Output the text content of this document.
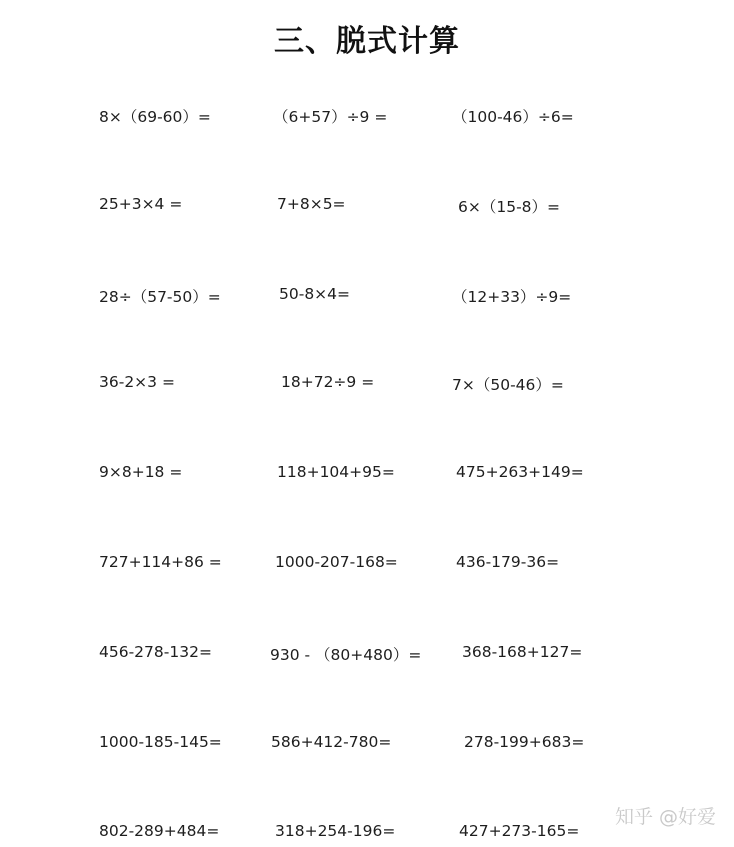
三、脱式计算
8×（69-60）=	（6+57）÷9 =	（100-46）÷6=
25+3×4 =	7+8×5=	6×（15-8）=
28÷（57-50）=	50-8×4=	（12+33）÷9=
36-2×3 =	18+72÷9 =	7×（50-46）=
9×8+18 =	118+104+95=	475+263+149=
727+114+86 =	1000-207-168=	436-179-36=
456-278-132=	930 - （80+480）=	368-168+127=
1000-185-145=	586+412-780=	278-199+683=
802-289+484=	318+254-196=	427+273-165=
知乎 @好爱
